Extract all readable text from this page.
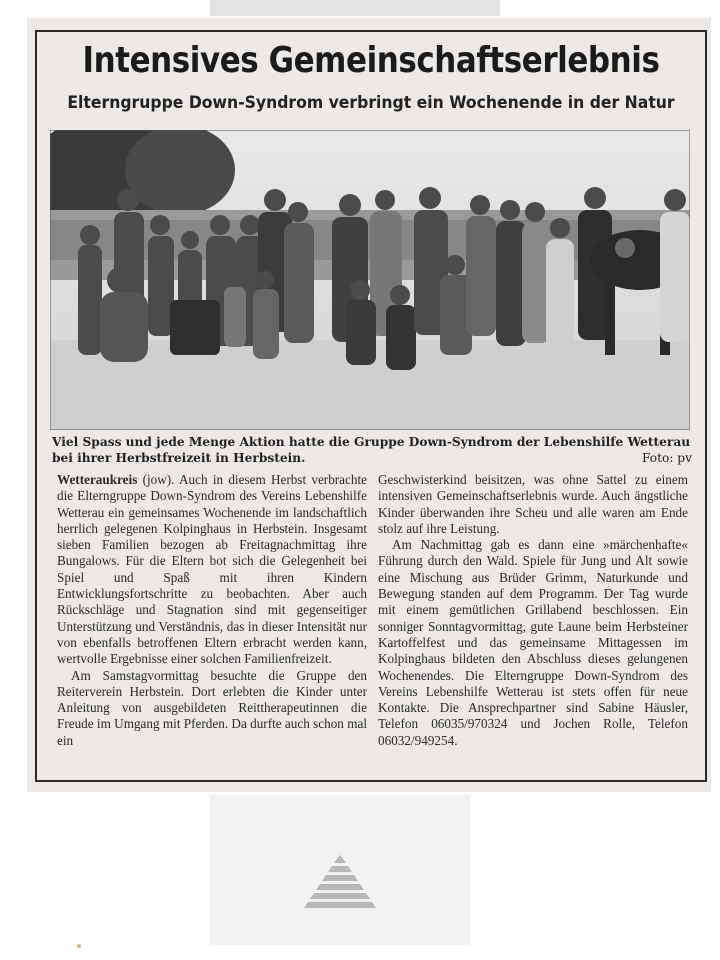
Intensives Gemeinschaftserlebnis
Elterngruppe Down-Syndrom verbringt ein Wochenende in der Natur
Viel Spass und jede Menge Aktion hatte die Gruppe Down-Syndrom der Lebenshilfe Wetterau bei ihrer Herbstfreizeit in Herbstein.	Foto: pv

Wetteraukreis (jow). Auch in diesem Herbst verbrachte die Elterngruppe Down-Syndrom des Vereins Lebenshilfe Wetterau ein gemeinsames Wochenende im landschaftlich herrlich gelegenen Kolpinghaus in Herbstein. Insgesamt sieben Familien bezogen ab Freitagnachmittag ihre Bungalows. Für die Eltern bot sich die Gelegenheit bei Spiel und Spaß mit ihren Kindern Entwicklungsfortschritte zu beobachten. Aber auch Rückschläge und Stagnation sind mit gegenseitiger Unterstützung und Verständnis, das in dieser Intensität nur von ebenfalls betroffenen Eltern erbracht werden kann, wertvolle Ergebnisse einer solchen Familienfreizeit.

Am Samstagvormittag besuchte die Gruppe den Reiterverein Herbstein. Dort erlebten die Kinder unter Anleitung von ausgebildeten Reittherapeutinnen die Freude im Umgang mit Pferden. Da durfte auch schon mal ein

Geschwisterkind beisitzen, was ohne Sattel zu einem intensiven Gemeinschaftserlebnis wurde. Auch ängstliche Kinder überwanden ihre Scheu und alle waren am Ende stolz auf ihre Leistung.

Am Nachmittag gab es dann eine »märchenhafte« Führung durch den Wald. Spiele für Jung und Alt sowie eine Mischung aus Brüder Grimm, Naturkunde und Bewegung standen auf dem Programm. Der Tag wurde mit einem gemütlichen Grillabend beschlossen. Ein sonniger Sonntagvormittag, gute Laune beim Herbsteiner Kartoffelfest und das gemeinsame Mittagessen im Kolpinghaus bildeten den Abschluss dieses gelungenen Wochenendes. Die Elterngruppe Down-Syndrom des Vereins Lebenshilfe Wetterau ist stets offen für neue Kontakte. Die Ansprechpartner sind Sabine Häusler, Telefon 06035/970324 und Jochen Rolle, Telefon 06032/949254.
